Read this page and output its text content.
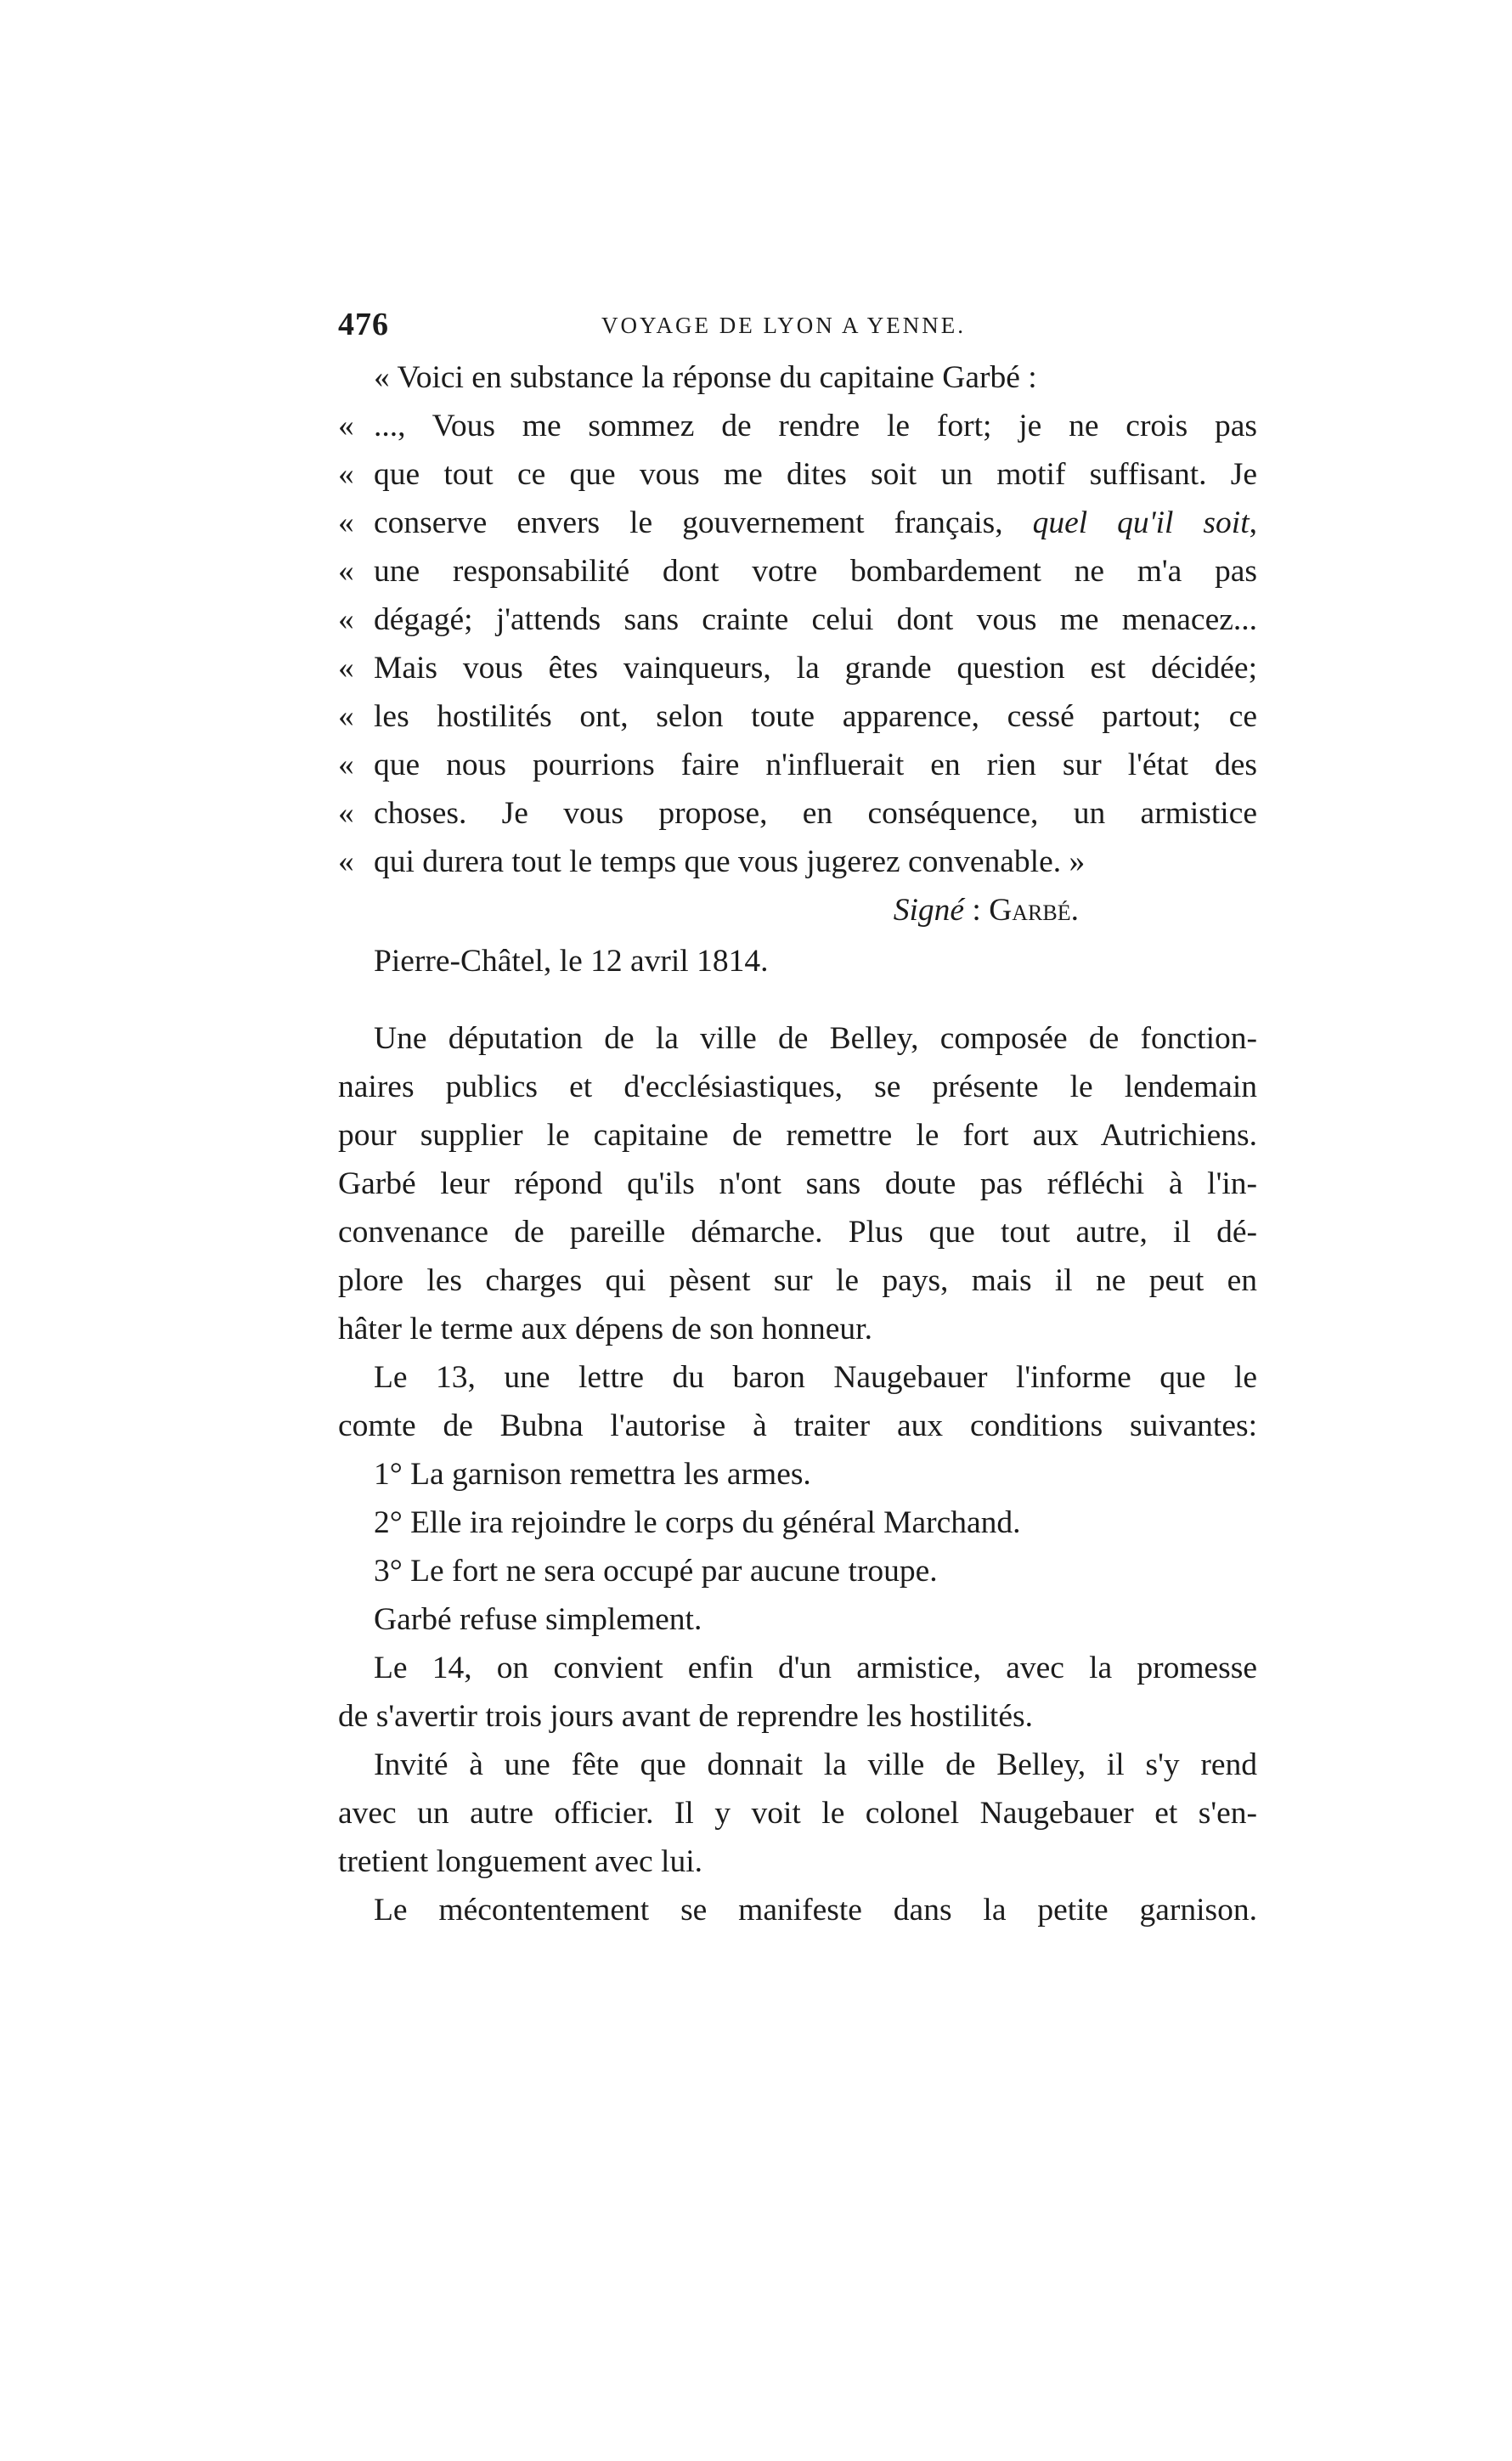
476	VOYAGE DE LYON A YENNE.
« Voici en substance la réponse du capitaine Garbé :
« ..., Vous me sommez de rendre le fort; je ne crois pas
« que tout ce que vous me dites soit un motif suffisant. Je
« conserve envers le gouvernement français, quel qu'il soit,
« une responsabilité dont votre bombardement ne m'a pas
« dégagé; j'attends sans crainte celui dont vous me menacez...
« Mais vous êtes vainqueurs, la grande question est décidée;
« les hostilités ont, selon toute apparence, cessé partout; ce
« que nous pourrions faire n'influerait en rien sur l'état des
« choses. Je vous propose, en conséquence, un armistice
« qui durera tout le temps que vous jugerez convenable. »
Signé : Garbé.
Pierre-Châtel, le 12 avril 1814.
Une députation de la ville de Belley, composée de fonction-
naires publics et d'ecclésiastiques, se présente le lendemain
pour supplier le capitaine de remettre le fort aux Autrichiens.
Garbé leur répond qu'ils n'ont sans doute pas réfléchi à l'in-
convenance de pareille démarche. Plus que tout autre, il dé-
plore les charges qui pèsent sur le pays, mais il ne peut en
hâter le terme aux dépens de son honneur.
Le 13, une lettre du baron Naugebauer l'informe que le
comte de Bubna l'autorise à traiter aux conditions suivantes:
1° La garnison remettra les armes.
2° Elle ira rejoindre le corps du général Marchand.
3° Le fort ne sera occupé par aucune troupe.
Garbé refuse simplement.
Le 14, on convient enfin d'un armistice, avec la promesse
de s'avertir trois jours avant de reprendre les hostilités.
Invité à une fête que donnait la ville de Belley, il s'y rend
avec un autre officier. Il y voit le colonel Naugebauer et s'en-
tretient longuement avec lui.
Le mécontentement se manifeste dans la petite garnison.
